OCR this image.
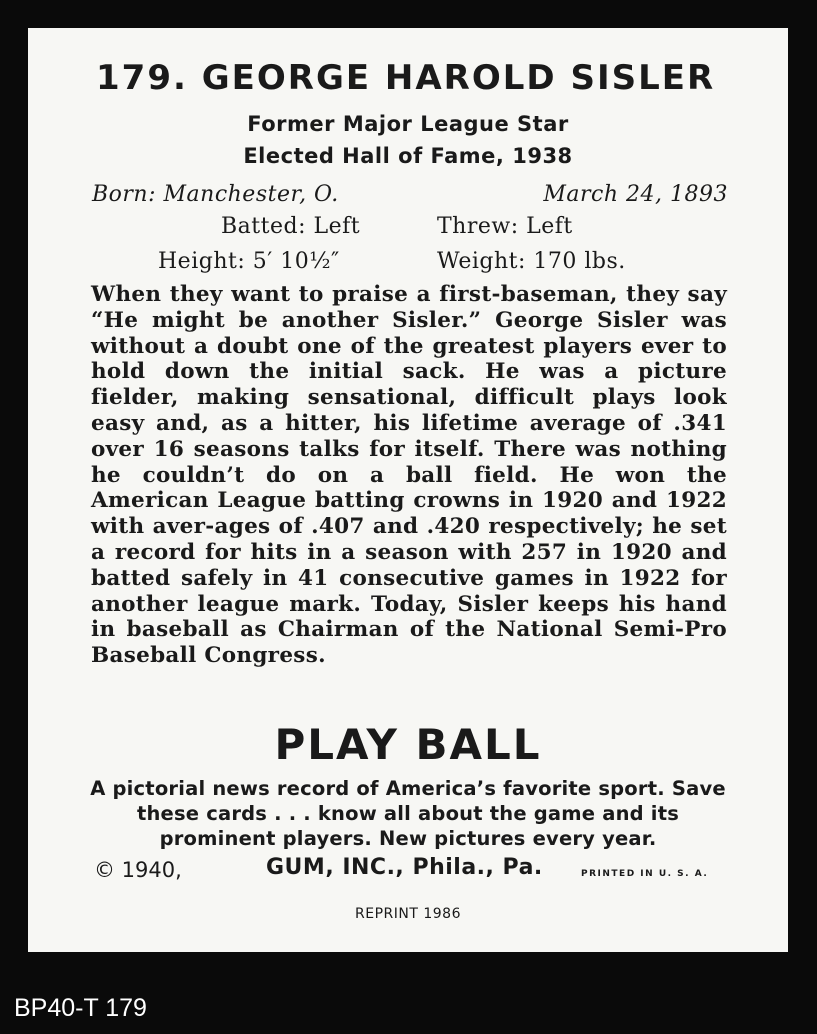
179. GEORGE HAROLD SISLER
Former Major League Star
Elected Hall of Fame, 1938
Born: Manchester, O.	March 24, 1893
Batted: Left	Threw: Left
Height: 5′ 10½″	Weight: 170 lbs.
When they want to praise a first-baseman, they say “He might be another Sisler.” George Sisler was without a doubt one of the greatest players ever to hold down the initial sack. He was a picture fielder, making sensational, difficult plays look easy and, as a hitter, his lifetime average of .341 over 16 seasons talks for itself. There was nothing he couldn’t do on a ball field. He won the American League batting crowns in 1920 and 1922 with aver-ages of .407 and .420 respectively; he set a record for hits in a season with 257 in 1920 and batted safely in 41 consecutive games in 1922 for another league mark. Today, Sisler keeps his hand in baseball as Chairman of the National Semi-Pro Baseball Congress.
PLAY BALL
A pictorial news record of America’s favorite sport. Save these cards . . . know all about the game and its prominent players. New pictures every year.
© 1940,	GUM, INC., Phila., Pa.	PRINTED IN U. S. A.
REPRINT 1986
BP40-T 179
